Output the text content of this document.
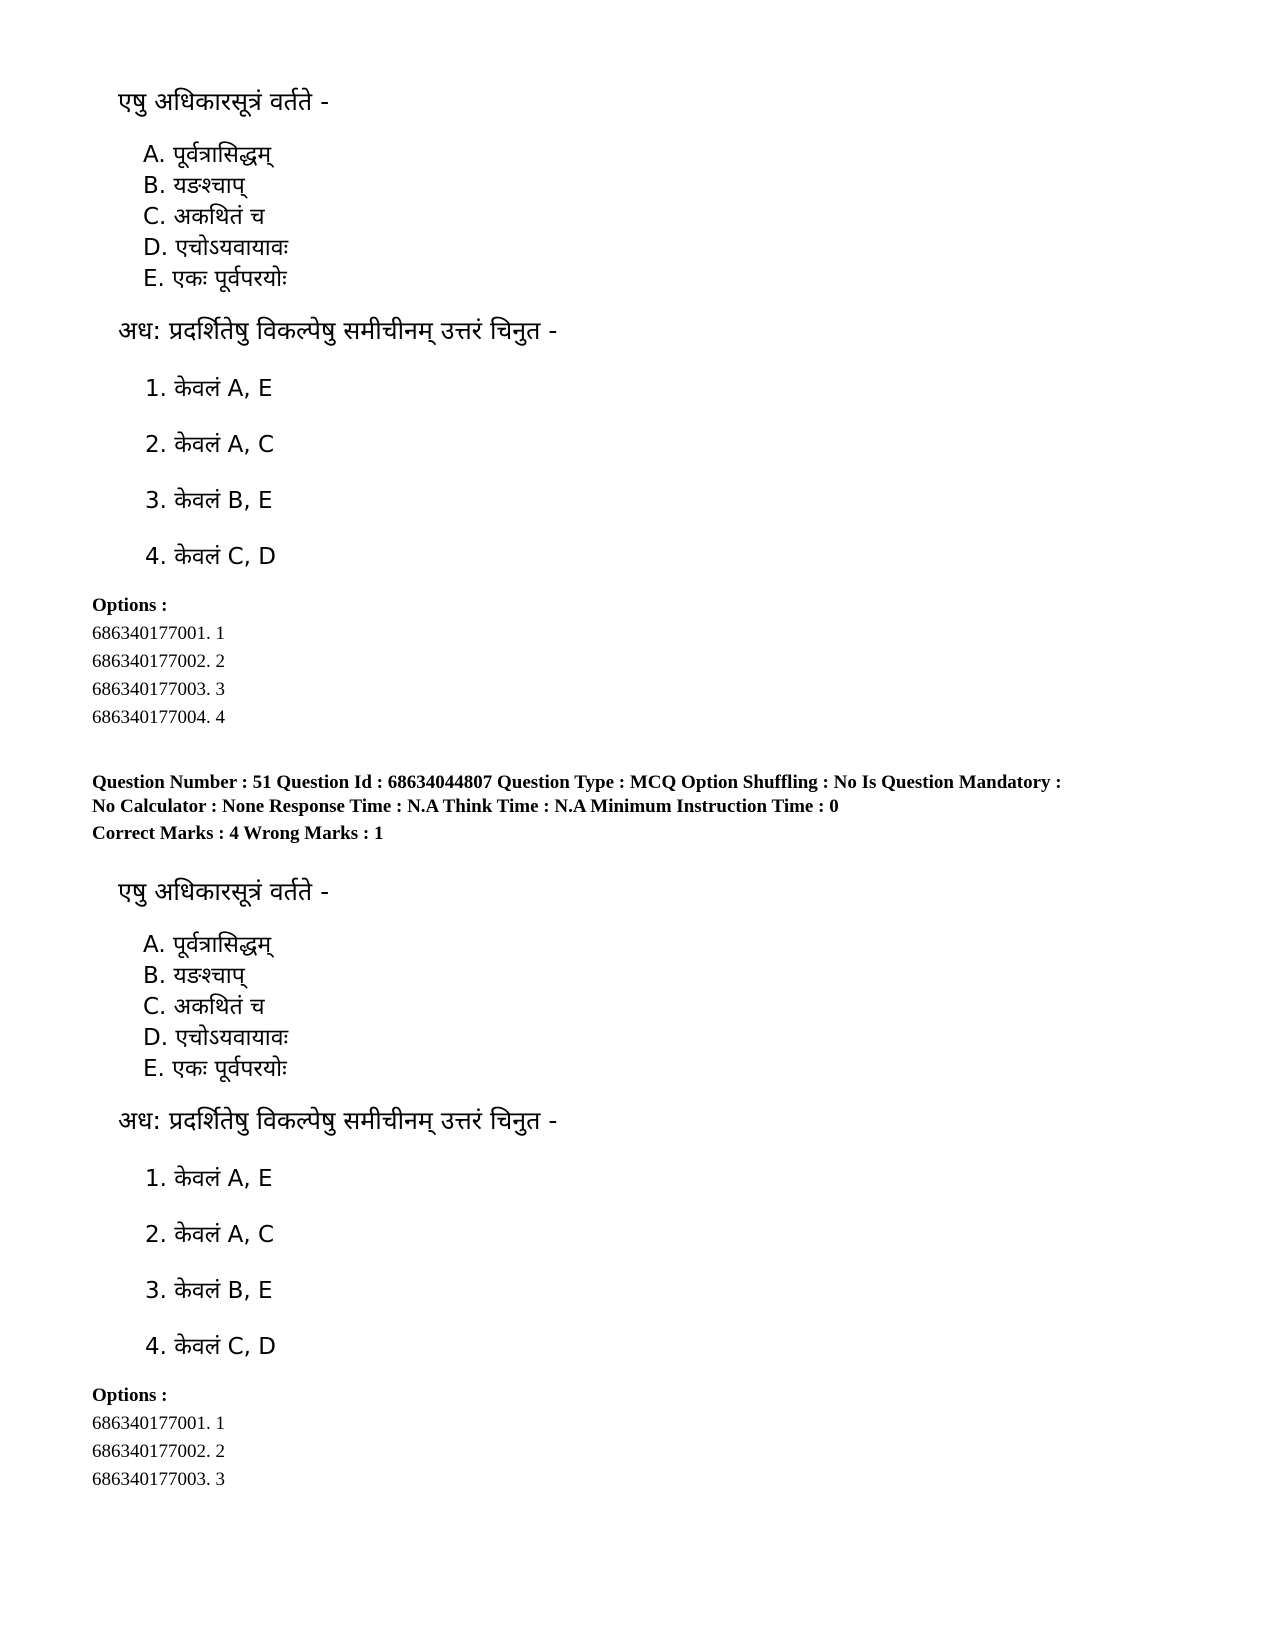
एषु अधिकारसूत्रं वर्तते -
A. पूर्वत्रासिद्धम्
B. यङश्चाप्
C. अकथितं च
D. एचोऽयवायावः
E. एकः पूर्वपरयोः
अध: प्रदर्शितेषु विकल्पेषु समीचीनम् उत्तरं चिनुत -
1. केवलं A, E
2. केवलं A, C
3. केवलं B, E
4. केवलं C, D
Options :
686340177001. 1
686340177002. 2
686340177003. 3
686340177004. 4
Question Number : 51 Question Id : 68634044807 Question Type : MCQ Option Shuffling : No Is Question Mandatory :
No Calculator : None Response Time : N.A Think Time : N.A Minimum Instruction Time : 0
Correct Marks : 4 Wrong Marks : 1
एषु अधिकारसूत्रं वर्तते -
A. पूर्वत्रासिद्धम्
B. यङश्चाप्
C. अकथितं च
D. एचोऽयवायावः
E. एकः पूर्वपरयोः
अध: प्रदर्शितेषु विकल्पेषु समीचीनम् उत्तरं चिनुत -
1. केवलं A, E
2. केवलं A, C
3. केवलं B, E
4. केवलं C, D
Options :
686340177001. 1
686340177002. 2
686340177003. 3
